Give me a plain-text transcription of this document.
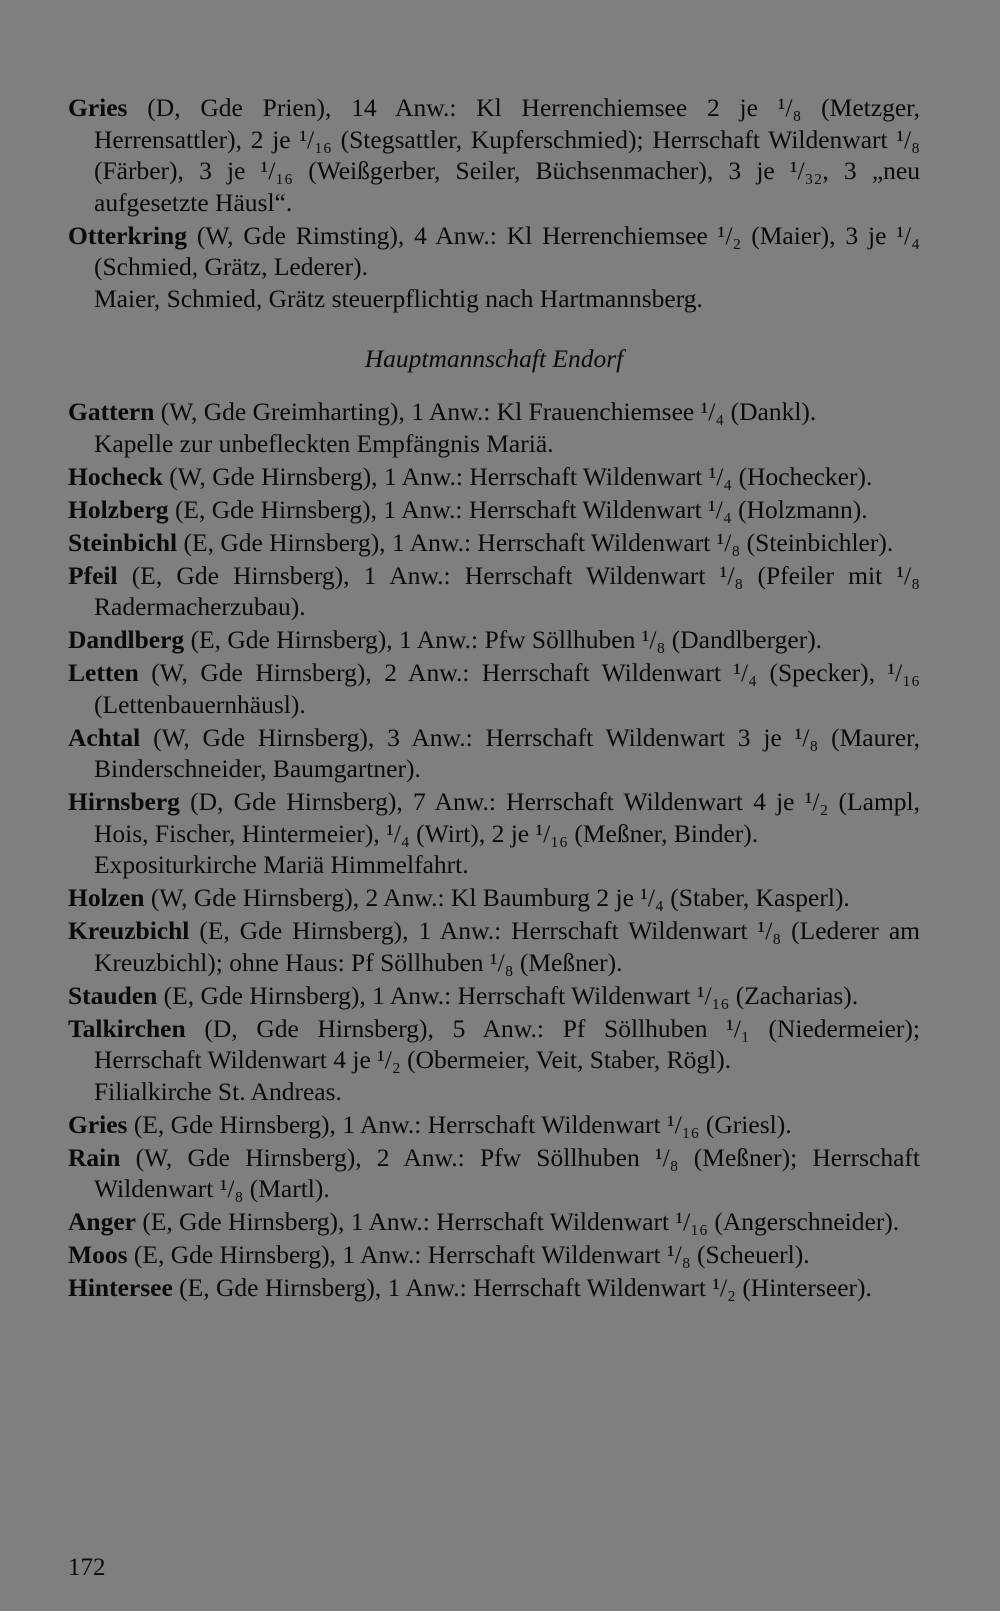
Gries (D, Gde Prien), 14 Anw.: Kl Herrenchiemsee 2 je ¹/₈ (Metzger, Herrensattler), 2 je ¹/₁₆ (Stegsattler, Kupferschmied); Herrschaft Wildenwart ¹/₈ (Färber), 3 je ¹/₁₆ (Weißgerber, Seiler, Büchsenmacher), 3 je ¹/₃₂, 3 „neu aufgesetzte Häusl“.
Otterkring (W, Gde Rimsting), 4 Anw.: Kl Herrenchiemsee ¹/₂ (Maier), 3 je ¹/₄ (Schmied, Grätz, Lederer).
Maier, Schmied, Grätz steuerpflichtig nach Hartmannsberg.
Hauptmannschaft Endorf
Gattern (W, Gde Greimharting), 1 Anw.: Kl Frauenchiemsee ¹/₄ (Dankl).
Kapelle zur unbefleckten Empfängnis Mariä.
Hocheck (W, Gde Hirnsberg), 1 Anw.: Herrschaft Wildenwart ¹/₄ (Hochecker).
Holzberg (E, Gde Hirnsberg), 1 Anw.: Herrschaft Wildenwart ¹/₄ (Holzmann).
Steinbichl (E, Gde Hirnsberg), 1 Anw.: Herrschaft Wildenwart ¹/₈ (Steinbichler).
Pfeil (E, Gde Hirnsberg), 1 Anw.: Herrschaft Wildenwart ¹/₈ (Pfeiler mit ¹/₈ Radermacherzubau).
Dandlberg (E, Gde Hirnsberg), 1 Anw.: Pfw Söllhuben ¹/₈ (Dandlberger).
Letten (W, Gde Hirnsberg), 2 Anw.: Herrschaft Wildenwart ¹/₄ (Specker), ¹/₁₆ (Lettenbauernhäusl).
Achtal (W, Gde Hirnsberg), 3 Anw.: Herrschaft Wildenwart 3 je ¹/₈ (Maurer, Binderschneider, Baumgartner).
Hirnsberg (D, Gde Hirnsberg), 7 Anw.: Herrschaft Wildenwart 4 je ¹/₂ (Lampl, Hois, Fischer, Hintermeier), ¹/₄ (Wirt), 2 je ¹/₁₆ (Meßner, Binder).
Expositurkirche Mariä Himmelfahrt.
Holzen (W, Gde Hirnsberg), 2 Anw.: Kl Baumburg 2 je ¹/₄ (Staber, Kasperl).
Kreuzbichl (E, Gde Hirnsberg), 1 Anw.: Herrschaft Wildenwart ¹/₈ (Lederer am Kreuzbichl); ohne Haus: Pf Söllhuben ¹/₈ (Meßner).
Stauden (E, Gde Hirnsberg), 1 Anw.: Herrschaft Wildenwart ¹/₁₆ (Zacharias).
Talkirchen (D, Gde Hirnsberg), 5 Anw.: Pf Söllhuben ¹/₁ (Niedermeier); Herrschaft Wildenwart 4 je ¹/₂ (Obermeier, Veit, Staber, Rögl).
Filialkirche St. Andreas.
Gries (E, Gde Hirnsberg), 1 Anw.: Herrschaft Wildenwart ¹/₁₆ (Griesl).
Rain (W, Gde Hirnsberg), 2 Anw.: Pfw Söllhuben ¹/₈ (Meßner); Herrschaft Wildenwart ¹/₈ (Martl).
Anger (E, Gde Hirnsberg), 1 Anw.: Herrschaft Wildenwart ¹/₁₆ (Angerschneider).
Moos (E, Gde Hirnsberg), 1 Anw.: Herrschaft Wildenwart ¹/₈ (Scheuerl).
Hintersee (E, Gde Hirnsberg), 1 Anw.: Herrschaft Wildenwart ¹/₂ (Hinterseer).
172
